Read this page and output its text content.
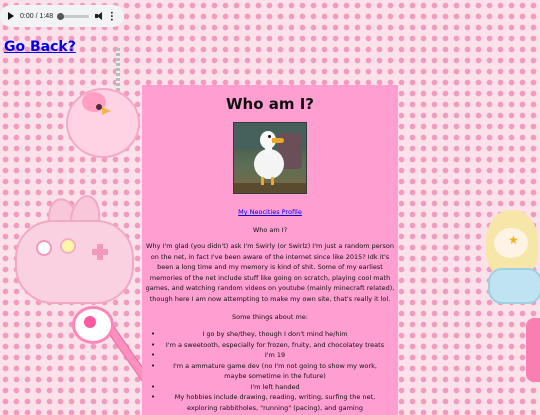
0:00 / 1:48	...
Go Back?
★
Who am I?
My Neocities Profile
Who am I?
Why I'm glad (you didn't) ask I'm Swirly (or Swirlz) I'm just a random person on the net, in fact I've been aware of the internet since like 2015? Idk it's been a long time and my memory is kind of shit. Some of my earliest memories of the net include stuff like going on scratch, playing cool math games, and watching random videos on youtube (mainly minecraft related), though here I am now attempting to make my own site, that's really it lol.
Some things about me:
• I go by she/they, though I don't mind he/him
• I'm a sweetooth, especially for frozen, fruity, and chocolatey treats
• I'm 19
• I'm a ammature game dev (no I'm not going to show my work, maybe sometime in the future)
• I'm left handed
• My hobbies include drawing, reading, writing, surfing the net, exploring rabbitholes, "running" (pacing), and gaming
